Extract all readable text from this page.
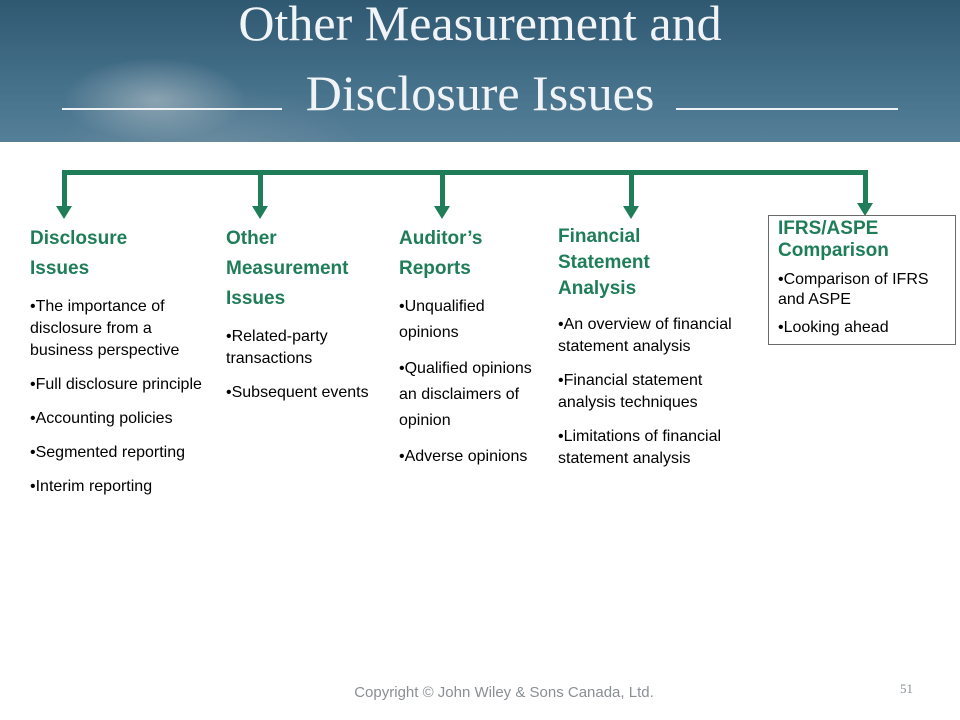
Other Measurement and
Disclosure Issues
Disclosure
Issues
•The importance of disclosure from a business perspective
•Full disclosure principle
•Accounting policies
•Segmented reporting
•Interim reporting
Other
Measurement
Issues
•Related-party transactions
•Subsequent events
Auditor’s
Reports
•Unqualified opinions
•Qualified opinions an disclaimers of opinion
•Adverse opinions
Financial
Statement
Analysis
•An overview of financial statement analysis
•Financial statement analysis techniques
•Limitations of financial statement analysis
IFRS/ASPE
Comparison
•Comparison of IFRS and ASPE
•Looking ahead
Copyright © John Wiley & Sons Canada, Ltd.	51
